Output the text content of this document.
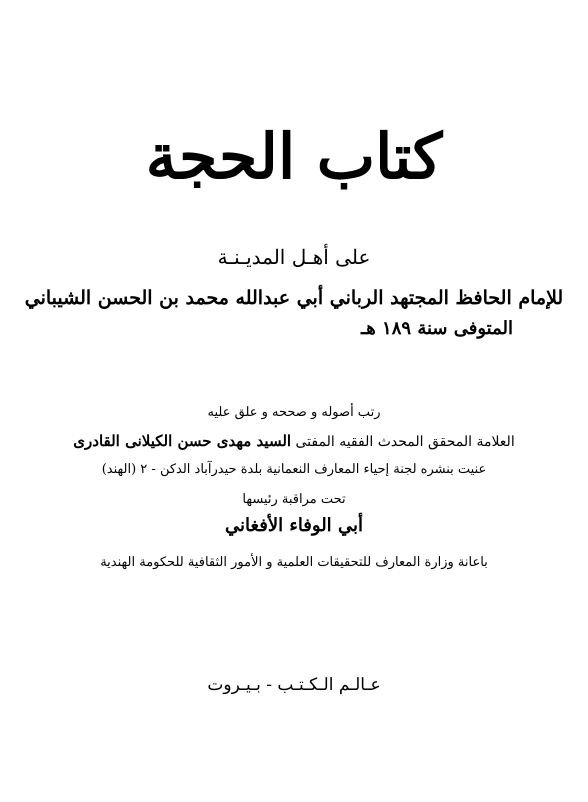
كتاب الحجة
على أهـل المديـنـة
للإمام الحافظ المجتهد الرباني أبي عبدالله محمد بن الحسن الشيباني
المتوفى سنة ١٨٩ هـ
رتب أصوله و صححه و علق عليه
العلامة المحقق المحدث الفقيه المفتى السيد مهدى حسن الكيلانى القادرى
عنيت بنشره لجنة إحياء المعارف النعمانية بلدة حيدرآباد الدكن - ٢ (الهند)
تحت مراقبة رئيسها
أبي الوفاء الأفغاني
باعانة وزارة المعارف للتحقيقات العلمية و الأمور الثقافية للحكومة الهندية
عـالـم الـكـتـب - بـيـروت
